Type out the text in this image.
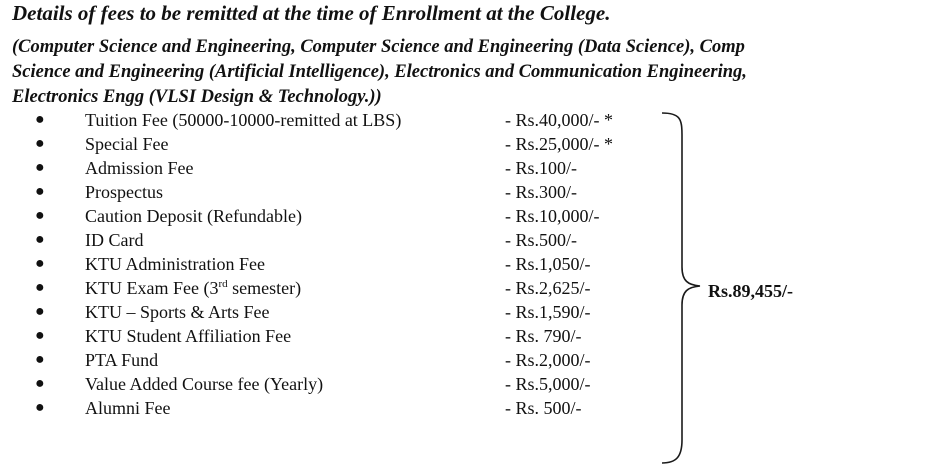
Details of fees to be remitted at the time of Enrollment at the College.
(Computer Science and Engineering, Computer Science and Engineering (Data Science), Comp
Science and Engineering (Artificial Intelligence), Electronics and Communication Engineering,
Electronics Engg (VLSI Design & Technology.))
● Tuition Fee (50000-10000-remitted at LBS)	- Rs.40,000/- *
● Special Fee	- Rs.25,000/- *
● Admission Fee	- Rs.100/-
● Prospectus	- Rs.300/-
● Caution Deposit (Refundable)	- Rs.10,000/-
● ID Card	- Rs.500/-
● KTU Administration Fee	- Rs.1,050/-
● KTU Exam Fee (3rd semester)	- Rs.2,625/-
● KTU – Sports & Arts Fee	- Rs.1,590/-
● KTU Student Affiliation Fee	- Rs. 790/-
● PTA Fund	- Rs.2,000/-
● Value Added Course fee (Yearly)	- Rs.5,000/-
● Alumni Fee	- Rs. 500/-
Rs.89,455/-
